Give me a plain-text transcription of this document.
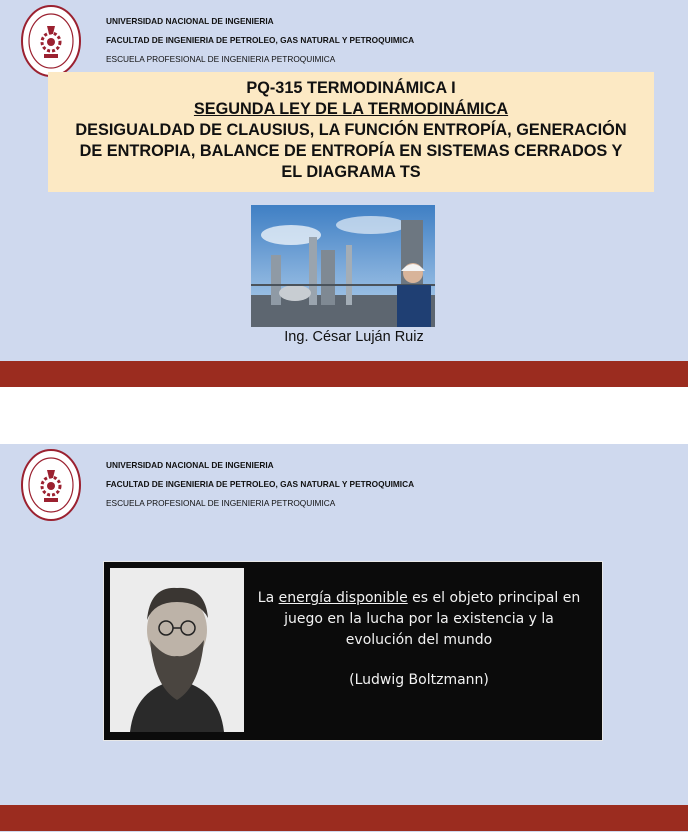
UNIVERSIDAD NACIONAL DE INGENIERIA
FACULTAD DE INGENIERIA DE PETROLEO, GAS NATURAL Y PETROQUIMICA
ESCUELA PROFESIONAL DE INGENIERIA PETROQUIMICA
PQ-315 TERMODINÁMICA I
SEGUNDA LEY DE LA TERMODINÁMICA
DESIGUALDAD DE CLAUSIUS, LA FUNCIÓN ENTROPÍA, GENERACIÓN
DE ENTROPIA, BALANCE DE ENTROPÍA EN SISTEMAS CERRADOS Y
EL DIAGRAMA TS
Ing. César Luján Ruiz
UNIVERSIDAD NACIONAL DE INGENIERIA
FACULTAD DE INGENIERIA DE PETROLEO, GAS NATURAL Y PETROQUIMICA
ESCUELA PROFESIONAL DE INGENIERIA PETROQUIMICA
La energía disponible es el objeto principal en juego en la lucha por la existencia y la evolución del mundo
(Ludwig Boltzmann)
